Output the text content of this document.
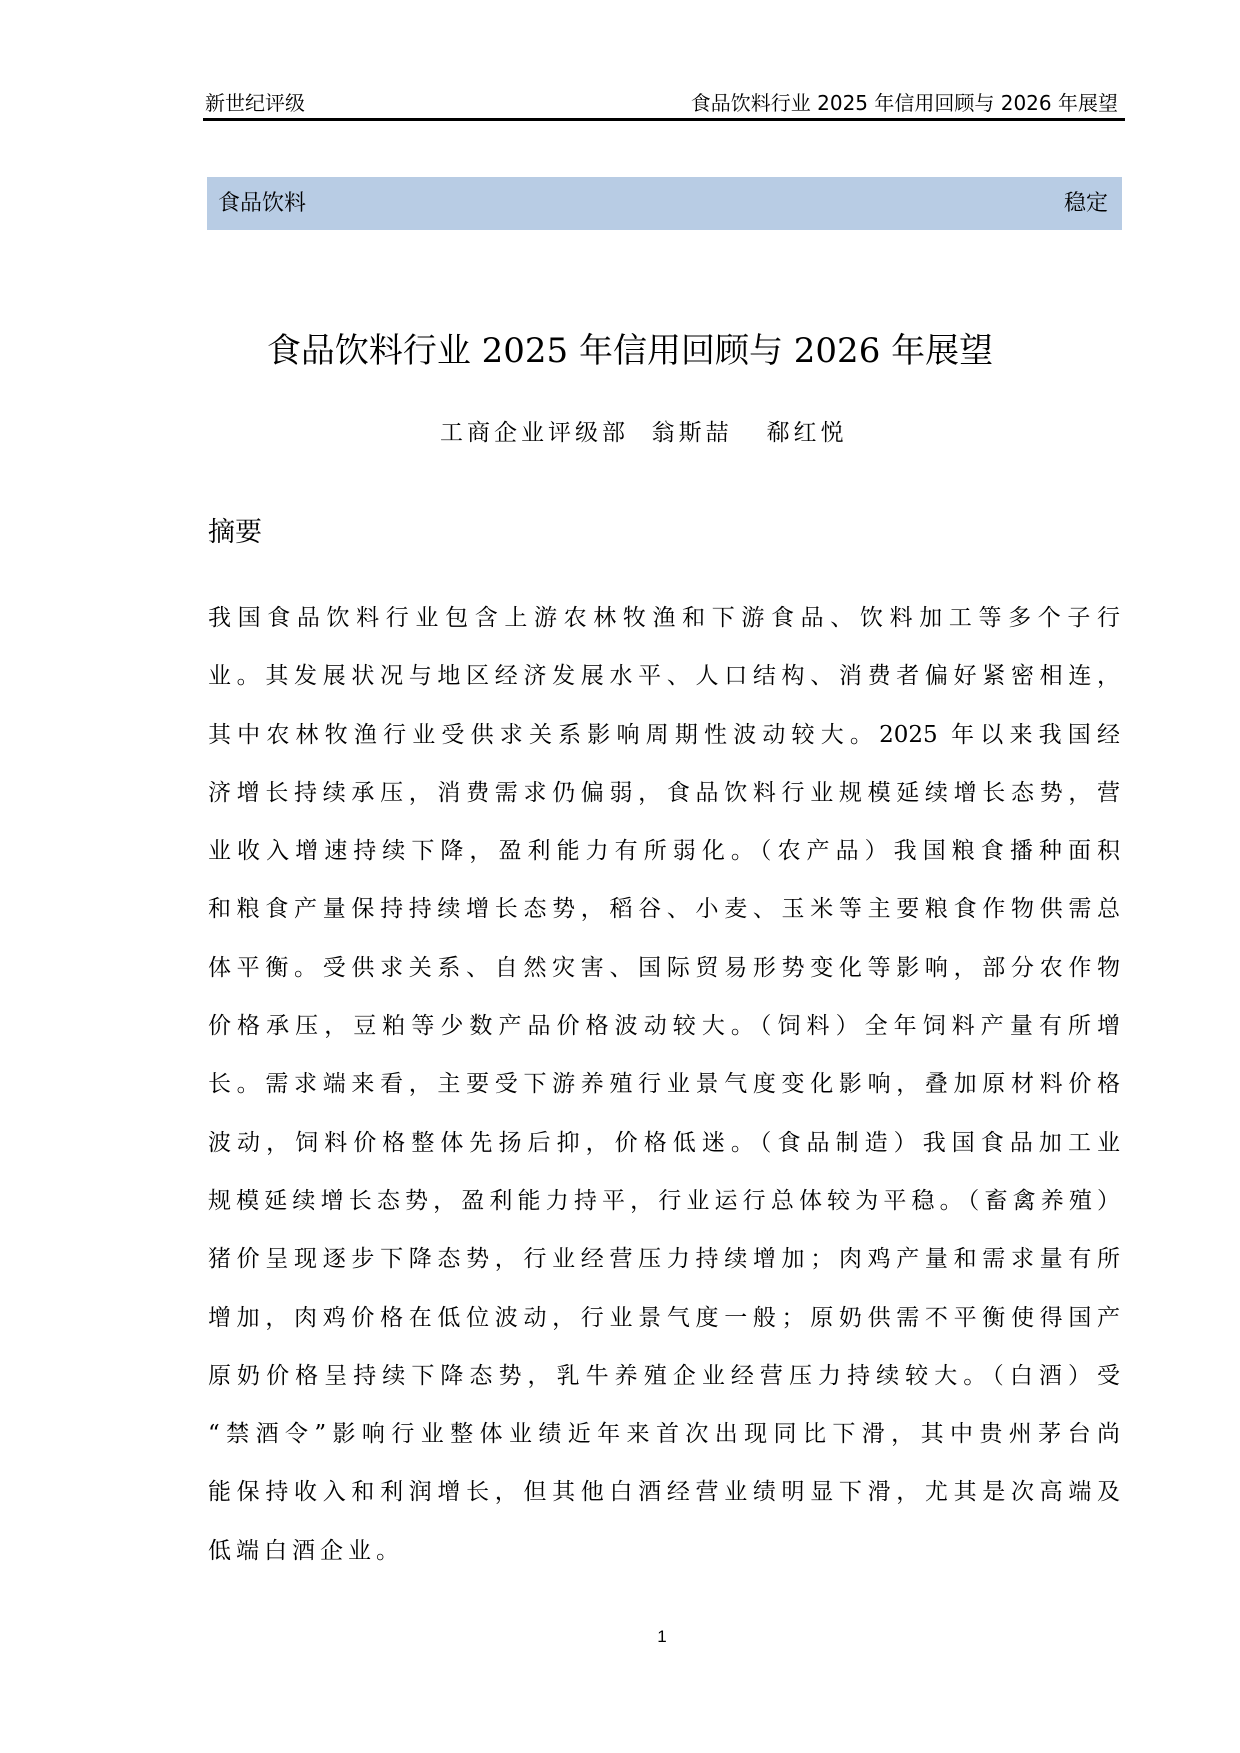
新世纪评级	食品饮料行业 2025 年信用回顾与 2026 年展望
食品饮料	稳定
食品饮料行业 2025 年信用回顾与 2026 年展望
工商企业评级部  翁斯喆   郗红悦
摘要
我国食品饮料行业包含上游农林牧渔和下游食品、饮料加工等多个子行
业。其发展状况与地区经济发展水平、人口结构、消费者偏好紧密相连，
其中农林牧渔行业受供求关系影响周期性波动较大。2025 年以来我国经
济增长持续承压，消费需求仍偏弱，食品饮料行业规模延续增长态势，营
业收入增速持续下降，盈利能力有所弱化。（农产品）我国粮食播种面积
和粮食产量保持持续增长态势，稻谷、小麦、玉米等主要粮食作物供需总
体平衡。受供求关系、自然灾害、国际贸易形势变化等影响，部分农作物
价格承压，豆粕等少数产品价格波动较大。（饲料）全年饲料产量有所增
长。需求端来看，主要受下游养殖行业景气度变化影响，叠加原材料价格
波动，饲料价格整体先扬后抑，价格低迷。（食品制造）我国食品加工业
规模延续增长态势，盈利能力持平，行业运行总体较为平稳。（畜禽养殖）
猪价呈现逐步下降态势，行业经营压力持续增加；肉鸡产量和需求量有所
增加，肉鸡价格在低位波动，行业景气度一般；原奶供需不平衡使得国产
原奶价格呈持续下降态势，乳牛养殖企业经营压力持续较大。（白酒）受
“禁酒令”影响行业整体业绩近年来首次出现同比下滑，其中贵州茅台尚
能保持收入和利润增长，但其他白酒经营业绩明显下滑，尤其是次高端及
低端白酒企业。
1
